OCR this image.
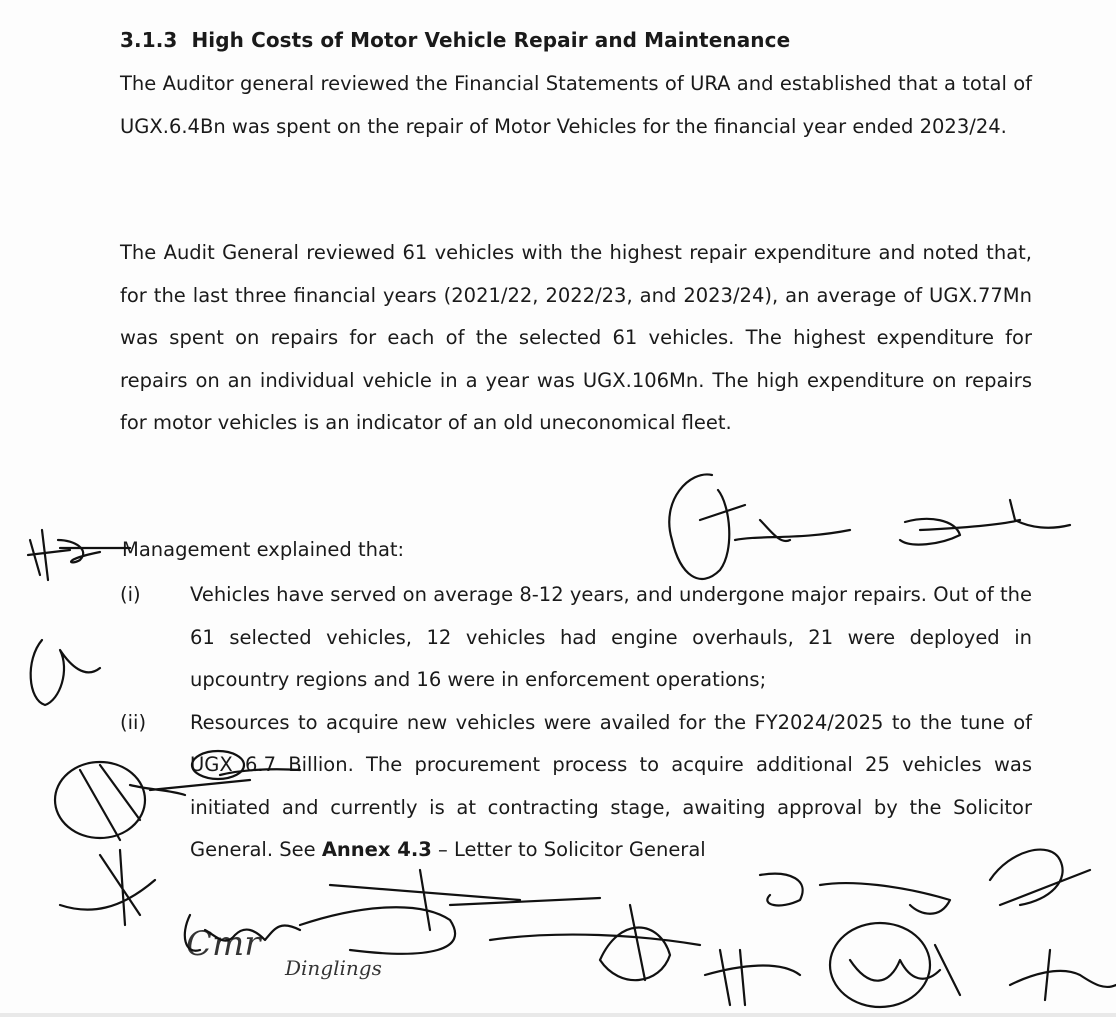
3.1.3 High Costs of Motor Vehicle Repair and Maintenance
The Auditor general reviewed the Financial Statements of URA and established that a total of UGX.6.4Bn was spent on the repair of Motor Vehicles for the financial year ended 2023/24.
The Audit General reviewed 61 vehicles with the highest repair expenditure and noted that, for the last three financial years (2021/22, 2022/23, and 2023/24), an average of UGX.77Mn was spent on repairs for each of the selected 61 vehicles. The highest expenditure for repairs on an individual vehicle in a year was UGX.106Mn. The high expenditure on repairs for motor vehicles is an indicator of an old uneconomical fleet.
Management explained that:
(i)	Vehicles have served on average 8-12 years, and undergone major repairs. Out of the 61 selected vehicles, 12 vehicles had engine overhauls, 21 were deployed in upcountry regions and 16 were in enforcement operations;
(ii)	Resources to acquire new vehicles were availed for the FY2024/2025 to the tune of UGX 6.7 Billion. The procurement process to acquire additional 25 vehicles was initiated and currently is at contracting stage, awaiting approval by the Solicitor General. See Annex 4.3 – Letter to Solicitor General
Cmr
Dinglings
